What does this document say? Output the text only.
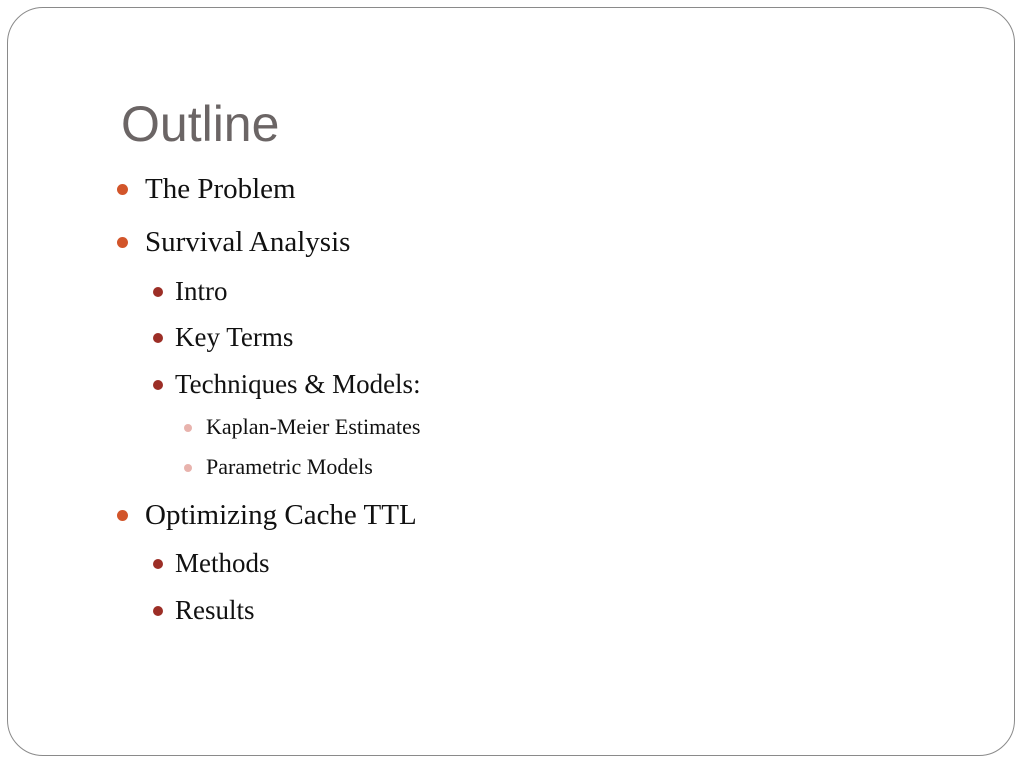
Outline
The Problem
Survival Analysis
Intro
Key Terms
Techniques & Models:
Kaplan-Meier Estimates
Parametric Models
Optimizing Cache TTL
Methods
Results
